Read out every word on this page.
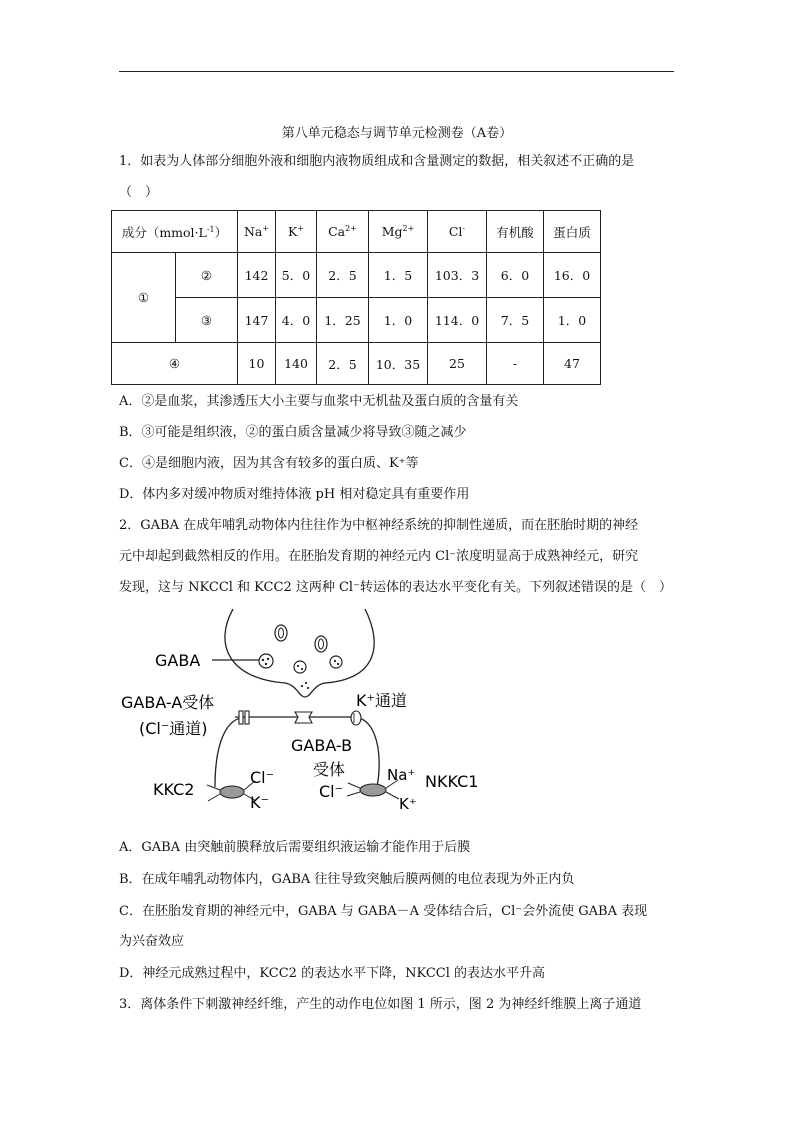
第八单元稳态与调节单元检测卷（A卷）
1．如表为人体部分细胞外液和细胞内液物质组成和含量测定的数据，相关叙述不正确的是
（　）
成分$(mmol\cdot L^{-1})$		Na+	K+	$Ca^{2+}$	$Mg^{2+}$	Cl-	有机酸	蛋白质
①	②	142	5．0	2．5	1．5	103．3	6．0	16．0
	③	147	4．0	1．25	1．0	114．0	7．5	1．0
④		10	140	2．5	10．35	25	-	47
A．②是血浆，其渗透压大小主要与血浆中无机盐及蛋白质的含量有关
B．③可能是组织液，②的蛋白质含量减少将导致③随之减少
C．④是细胞内液，因为其含有较多的蛋白质、K⁺等
D．体内多对缓冲物质对维持体液 pH 相对稳定具有重要作用
2．GABA 在成年哺乳动物体内往往作为中枢神经系统的抑制性递质，而在胚胎时期的神经
元中却起到截然相反的作用。在胚胎发育期的神经元内 Cl⁻浓度明显高于成熟神经元，研究
发现，这与 NKCCl 和 KCC2 这两种 Cl⁻转运体的表达水平变化有关。下列叙述错误的是（　）
GABA
GABA-A受体
(Cl⁻通道)
K⁺通道
GABA-B
受体
KKC2
Cl⁻
K⁻
Na⁺
Cl⁻
K⁺
NKKC1
A．GABA 由突触前膜释放后需要组织液运输才能作用于后膜
B．在成年哺乳动物体内，GABA 往往导致突触后膜两侧的电位表现为外正内负
C．在胚胎发育期的神经元中，GABA 与 GABA－A 受体结合后，Cl⁻会外流使 GABA 表现
为兴奋效应
D．神经元成熟过程中，KCC2 的表达水平下降，NKCCl 的表达水平升高
3．离体条件下刺激神经纤维，产生的动作电位如图 1 所示，图 2 为神经纤维膜上离子通道
